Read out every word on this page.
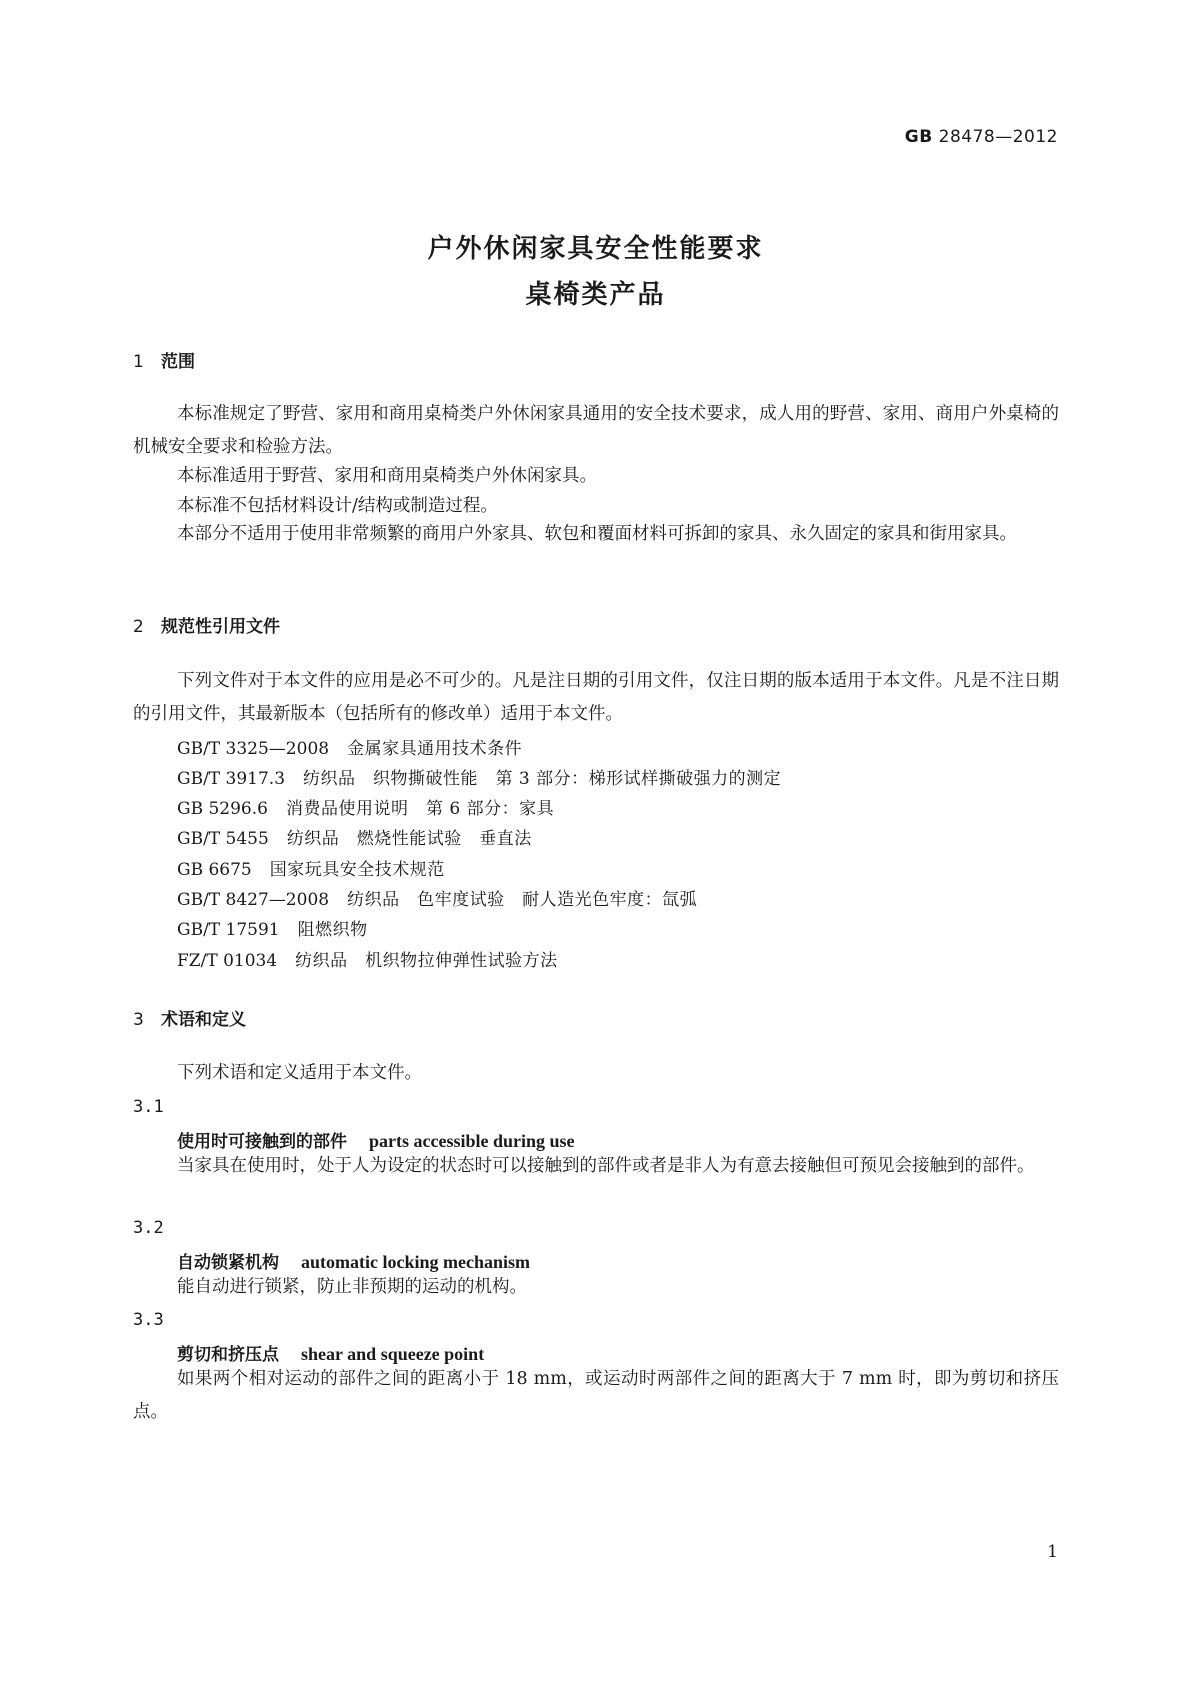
GB 28478—2012
户外休闲家具安全性能要求
桌椅类产品
1 范围

本标准规定了野营、家用和商用桌椅类户外休闲家具通用的安全技术要求，成人用的野营、家用、商用户外桌椅的机械安全要求和检验方法。

本标准适用于野营、家用和商用桌椅类户外休闲家具。

本标准不包括材料设计/结构或制造过程。

本部分不适用于使用非常频繁的商用户外家具、软包和覆面材料可拆卸的家具、永久固定的家具和街用家具。

2 规范性引用文件

下列文件对于本文件的应用是必不可少的。凡是注日期的引用文件，仅注日期的版本适用于本文件。凡是不注日期的引用文件，其最新版本（包括所有的修改单）适用于本文件。

GB/T 3325—2008 金属家具通用技术条件
GB/T 3917.3 纺织品　织物撕破性能　第 3 部分：梯形试样撕破强力的测定
GB 5296.6 消费品使用说明　第 6 部分：家具
GB/T 5455 纺织品　燃烧性能试验　垂直法
GB 6675 国家玩具安全技术规范
GB/T 8427—2008 纺织品　色牢度试验　耐人造光色牢度：氙弧
GB/T 17591 阻燃织物
FZ/T 01034 纺织品　机织物拉伸弹性试验方法
3 术语和定义

下列术语和定义适用于本文件。

3.1
使用时可接触到的部件 parts accessible during use

当家具在使用时，处于人为设定的状态时可以接触到的部件或者是非人为有意去接触但可预见会接触到的部件。

3.2
自动锁紧机构 automatic locking mechanism

能自动进行锁紧，防止非预期的运动的机构。

3.3
剪切和挤压点 shear and squeeze point

如果两个相对运动的部件之间的距离小于 18 mm，或运动时两部件之间的距离大于 7 mm 时，即为剪切和挤压点。

1
